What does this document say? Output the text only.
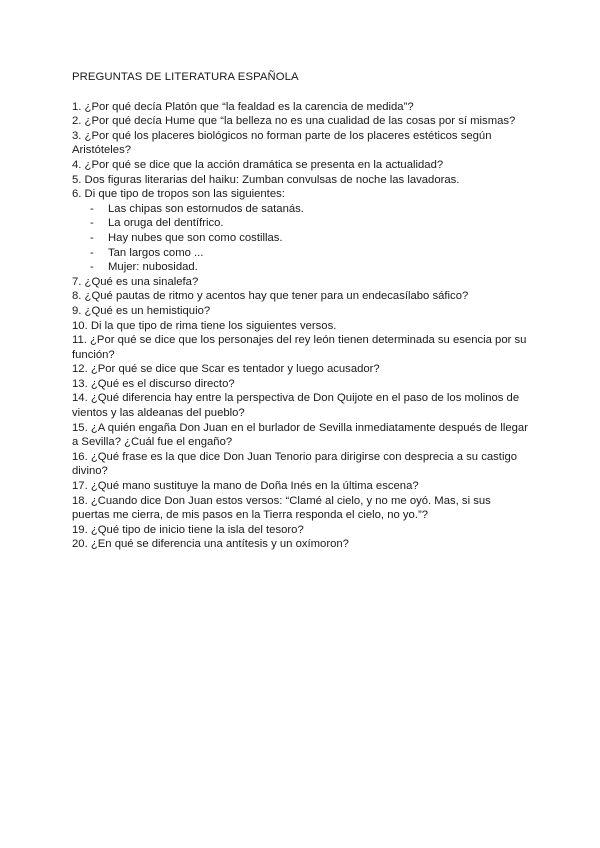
PREGUNTAS DE LITERATURA ESPAÑOLA

1. ¿Por qué decía Platón que “la fealdad es la carencia de medida”?

2. ¿Por qué decía Hume que “la belleza no es una cualidad de las cosas por sí mismas?

3. ¿Por qué los placeres biológicos no forman parte de los placeres estéticos según Aristóteles?

4. ¿Por qué se dice que la acción dramática se presenta en la actualidad?

5. Dos figuras literarias del haiku: Zumban convulsas de noche las lavadoras.

6. Di que tipo de tropos son las siguientes:

- Las chipas son estornudos de satanás.
- La oruga del dentífrico.
- Hay nubes que son como costillas.
- Tan largos como ...
- Mujer: nubosidad.

7. ¿Qué es una sinalefa?

8. ¿Qué pautas de ritmo y acentos hay que tener para un endecasílabo sáfico?

9. ¿Qué es un hemistiquio?

10. Di la que tipo de rima tiene los siguientes versos.

11. ¿Por qué se dice que los personajes del rey león tienen determinada su esencia por su función?

12. ¿Por qué se dice que Scar es tentador y luego acusador?

13. ¿Qué es el discurso directo?

14. ¿Qué diferencia hay entre la perspectiva de Don Quijote en el paso de los molinos de vientos y las aldeanas del pueblo?

15. ¿A quién engaña Don Juan en el burlador de Sevilla inmediatamente después de llegar a Sevilla? ¿Cuál fue el engaño?

16. ¿Qué frase es la que dice Don Juan Tenorio para dirigirse con desprecia a su castigo divino?

17. ¿Qué mano sustituye la mano de Doña Inés en la última escena?

18. ¿Cuando dice Don Juan estos versos: “Clamé al cielo, y no me oyó. Mas, si sus puertas me cierra, de mis pasos en la Tierra responda el cielo, no yo.”?

19. ¿Qué tipo de inicio tiene la isla del tesoro?

20. ¿En qué se diferencia una antítesis y un oxímoron?
